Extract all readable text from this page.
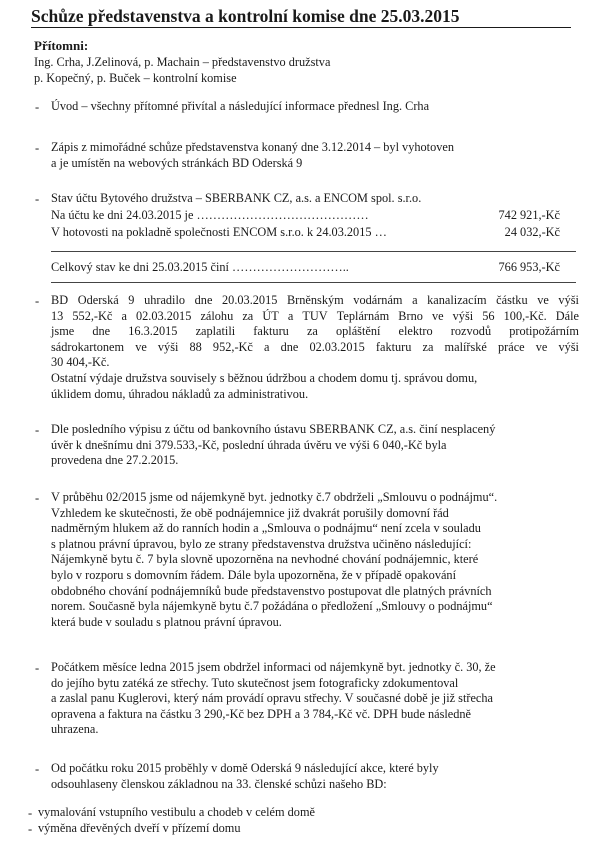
Schůze představenstva a kontrolní komise dne 25.03.2015
Přítomni:
Ing. Crha, J.Zelinová, p. Machain – představenstvo družstva
p. Kopečný, p. Buček – kontrolní komise
- Úvod – všechny přítomné přivítal a následující informace přednesl Ing. Crha
- Zápis z mimořádné schůze představenstva konaný dne 3.12.2014 – byl vyhotoven
a je umístěn na webových stránkách BD Oderská 9
- Stav účtu Bytového družstva – SBERBANK CZ, a.s. a ENCOM spol. s.r.o.
Na účtu ke dni 24.03.2015 je ……………………………………	742 921,-Kč
V hotovosti na pokladně společnosti ENCOM s.r.o. k 24.03.2015 …	24 032,-Kč
Celkový stav ke dni 25.03.2015 činí ………………………..	766 953,-Kč
- BD Oderská 9 uhradilo dne 20.03.2015 Brněnským vodárnám a kanalizacím částku ve výši
13 552,-Kč a 02.03.2015 zálohu za ÚT a TUV Teplárnám Brno ve výši 56 100,-Kč. Dále
jsme dne 16.3.2015 zaplatili fakturu za opláštění elektro rozvodů protipožárním
sádrokartonem ve výši 88 952,-Kč a dne 02.03.2015 fakturu za malířské práce ve výši
30 404,-Kč.
Ostatní výdaje družstva souvisely s běžnou údržbou a chodem domu tj. správou domu,
úklidem domu, úhradou nákladů za administrativou.
- Dle posledního výpisu z účtu od bankovního ústavu SBERBANK CZ, a.s. činí nesplacený
úvěr k dnešnímu dni 379.533,-Kč, poslední úhrada úvěru ve výši 6 040,-Kč byla
provedena dne 27.2.2015.
- V průběhu 02/2015 jsme od nájemkyně byt. jednotky č.7 obdrželi „Smlouvu o podnájmu“.
Vzhledem ke skutečnosti, že obě podnájemnice již dvakrát porušily domovní řád
nadměrným hlukem až do ranních hodin a „Smlouva o podnájmu“ není zcela v souladu
s platnou právní úpravou, bylo ze strany představenstva družstva učiněno následující:
Nájemkyně bytu č. 7 byla slovně upozorněna na nevhodné chování podnájemnic, které
bylo v rozporu s domovním řádem. Dále byla upozorněna, že v případě opakování
obdobného chování podnájemníků bude představenstvo postupovat dle platných právních
norem. Současně byla nájemkyně bytu č.7 požádána o předložení „Smlouvy o podnájmu“
která bude v souladu s platnou právní úpravou.
- Počátkem měsíce ledna 2015 jsem obdržel informaci od nájemkyně byt. jednotky č. 30, že
do jejího bytu zatéká ze střechy. Tuto skutečnost jsem fotograficky zdokumentoval
a zaslal panu Kuglerovi, který nám provádí opravu střechy. V současné době je již střecha
opravena a faktura na částku 3 290,-Kč bez DPH a 3 784,-Kč vč. DPH bude následně
uhrazena.
- Od počátku roku 2015 proběhly v domě Oderská 9 následující akce, které byly
odsouhlaseny členskou základnou na 33. členské schůzi našeho BD:
- vymalování vstupního vestibulu a chodeb v celém domě
- výměna dřevěných dveří v přízemí domu
